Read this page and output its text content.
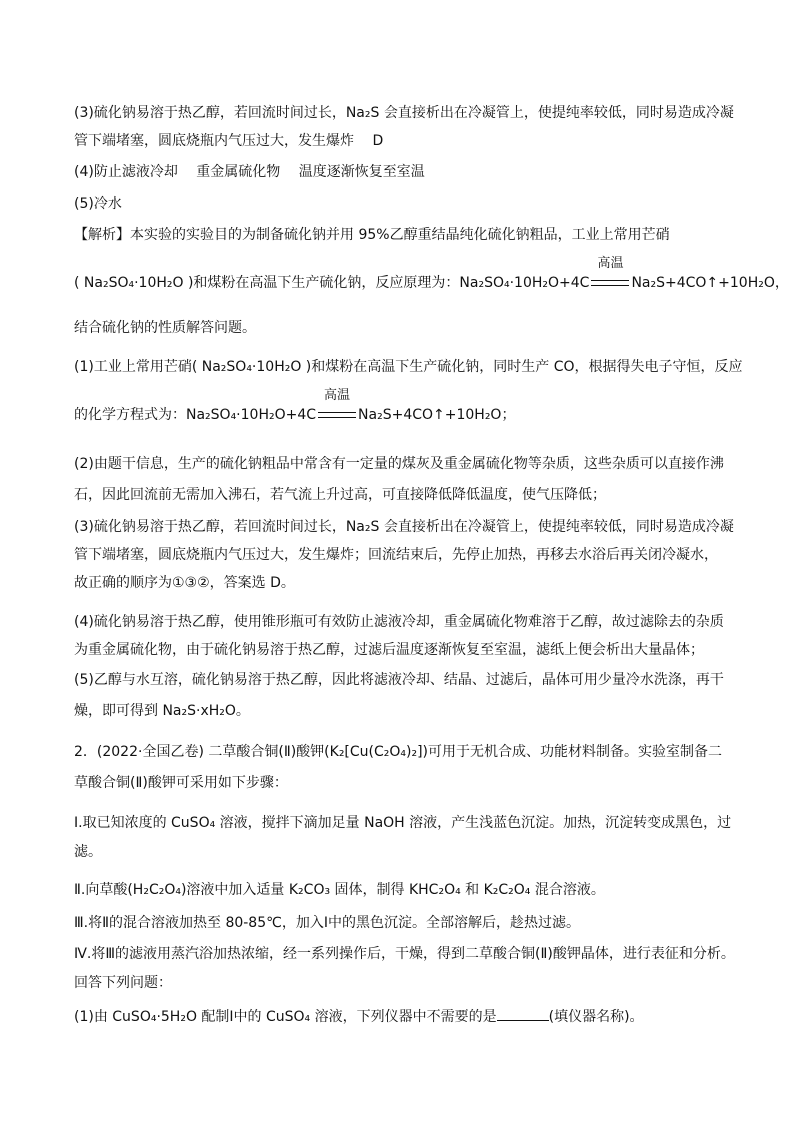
(3)硫化钠易溶于热乙醇，若回流时间过长，Na₂S 会直接析出在冷凝管上，使提纯率较低，同时易造成冷凝
管下端堵塞，圆底烧瓶内气压过大，发生爆炸　 D
(4)防止滤液冷却　 重金属硫化物　 温度逐渐恢复至室温
(5)冷水
【解析】本实验的实验目的为制备硫化钠并用 95%乙醇重结晶纯化硫化钠粗品，工业上常用芒硝
( Na₂SO₄·10H₂O )和煤粉在高温下生产硫化钠，反应原理为：Na₂SO₄·10H₂O+4C
高温
Na₂S+4CO↑+10H₂O，
结合硫化钠的性质解答问题。
(1)工业上常用芒硝( Na₂SO₄·10H₂O )和煤粉在高温下生产硫化钠，同时生产 CO，根据得失电子守恒，反应
的化学方程式为：Na₂SO₄·10H₂O+4C
高温
Na₂S+4CO↑+10H₂O；
(2)由题干信息，生产的硫化钠粗品中常含有一定量的煤灰及重金属硫化物等杂质，这些杂质可以直接作沸
石，因此回流前无需加入沸石，若气流上升过高，可直接降低降低温度，使气压降低；
(3)硫化钠易溶于热乙醇，若回流时间过长，Na₂S 会直接析出在冷凝管上，使提纯率较低，同时易造成冷凝
管下端堵塞，圆底烧瓶内气压过大，发生爆炸；回流结束后，先停止加热，再移去水浴后再关闭冷凝水，
故正确的顺序为①③②，答案选 D。
(4)硫化钠易溶于热乙醇，使用锥形瓶可有效防止滤液冷却，重金属硫化物难溶于乙醇，故过滤除去的杂质
为重金属硫化物，由于硫化钠易溶于热乙醇，过滤后温度逐渐恢复至室温，滤纸上便会析出大量晶体；
(5)乙醇与水互溶，硫化钠易溶于热乙醇，因此将滤液冷却、结晶、过滤后，晶体可用少量冷水洗涤，再干
燥，即可得到 Na₂S·xH₂O。
2．(2022·全国乙卷) 二草酸合铜(Ⅱ)酸钾(K₂[Cu(C₂O₄)₂])可用于无机合成、功能材料制备。实验室制备二
草酸合铜(Ⅱ)酸钾可采用如下步骤：
Ⅰ.取已知浓度的 CuSO₄ 溶液，搅拌下滴加足量 NaOH 溶液，产生浅蓝色沉淀。加热，沉淀转变成黑色，过
滤。
Ⅱ.向草酸(H₂C₂O₄)溶液中加入适量 K₂CO₃ 固体，制得 KHC₂O₄ 和 K₂C₂O₄ 混合溶液。
Ⅲ.将Ⅱ的混合溶液加热至 80-85℃，加入Ⅰ中的黑色沉淀。全部溶解后，趁热过滤。
Ⅳ.将Ⅲ的滤液用蒸汽浴加热浓缩，经一系列操作后，干燥，得到二草酸合铜(Ⅱ)酸钾晶体，进行表征和分析。
回答下列问题：
(1)由 CuSO₄·5H₂O 配制Ⅰ中的 CuSO₄ 溶液，下列仪器中不需要的是	(填仪器名称)。
